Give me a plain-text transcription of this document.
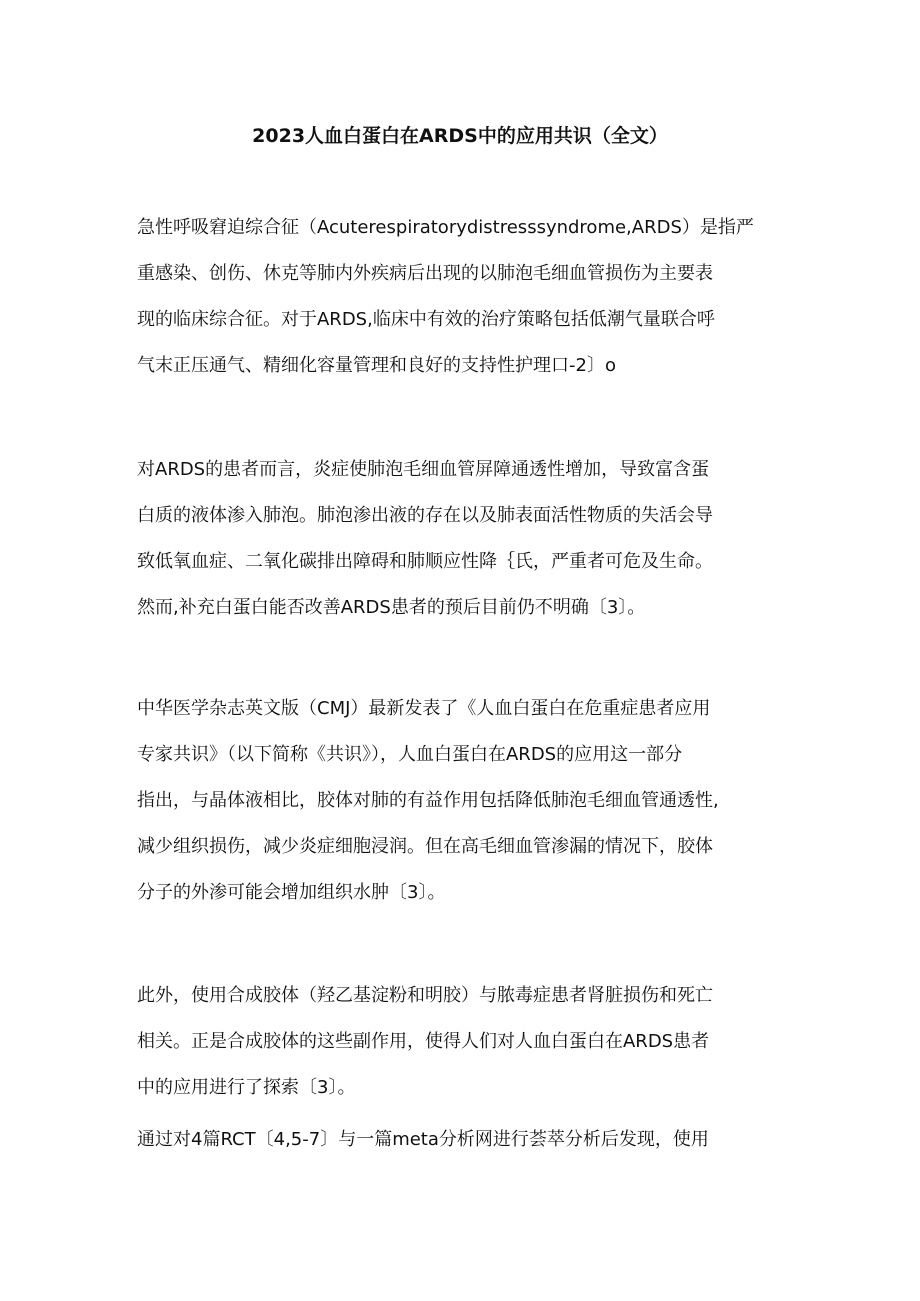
2023人血白蛋白在ARDS中的应用共识（全文）
急性呼吸窘迫综合征（Acuterespiratorydistresssyndrome,ARDS）是指严
重感染、创伤、休克等肺内外疾病后出现的以肺泡毛细血管损伤为主要表
现的临床综合征。对于ARDS,临床中有效的治疗策略包括低潮气量联合呼
气末正压通气、精细化容量管理和良好的支持性护理口-2〕o
对ARDS的患者而言，炎症使肺泡毛细血管屏障通透性增加，导致富含蛋
白质的液体渗入肺泡。肺泡渗出液的存在以及肺表面活性物质的失活会导
致低氧血症、二氧化碳排出障碍和肺顺应性降｛氏，严重者可危及生命。
然而,补充白蛋白能否改善ARDS患者的预后目前仍不明确〔3〕。
中华医学杂志英文版（CMJ）最新发表了《人血白蛋白在危重症患者应用
专家共识》（以下简称《共识》），人血白蛋白在ARDS的应用这一部分
指出，与晶体液相比，胶体对肺的有益作用包括降低肺泡毛细血管通透性,
减少组织损伤，减少炎症细胞浸润。但在高毛细血管渗漏的情况下，胶体
分子的外渗可能会增加组织水肿〔3〕。
此外，使用合成胶体（羟乙基淀粉和明胶）与脓毒症患者肾脏损伤和死亡
相关。正是合成胶体的这些副作用，使得人们对人血白蛋白在ARDS患者
中的应用进行了探索〔3〕。
通过对4篇RCT〔4,5-7〕与一篇meta分析网进行荟萃分析后发现，使用
